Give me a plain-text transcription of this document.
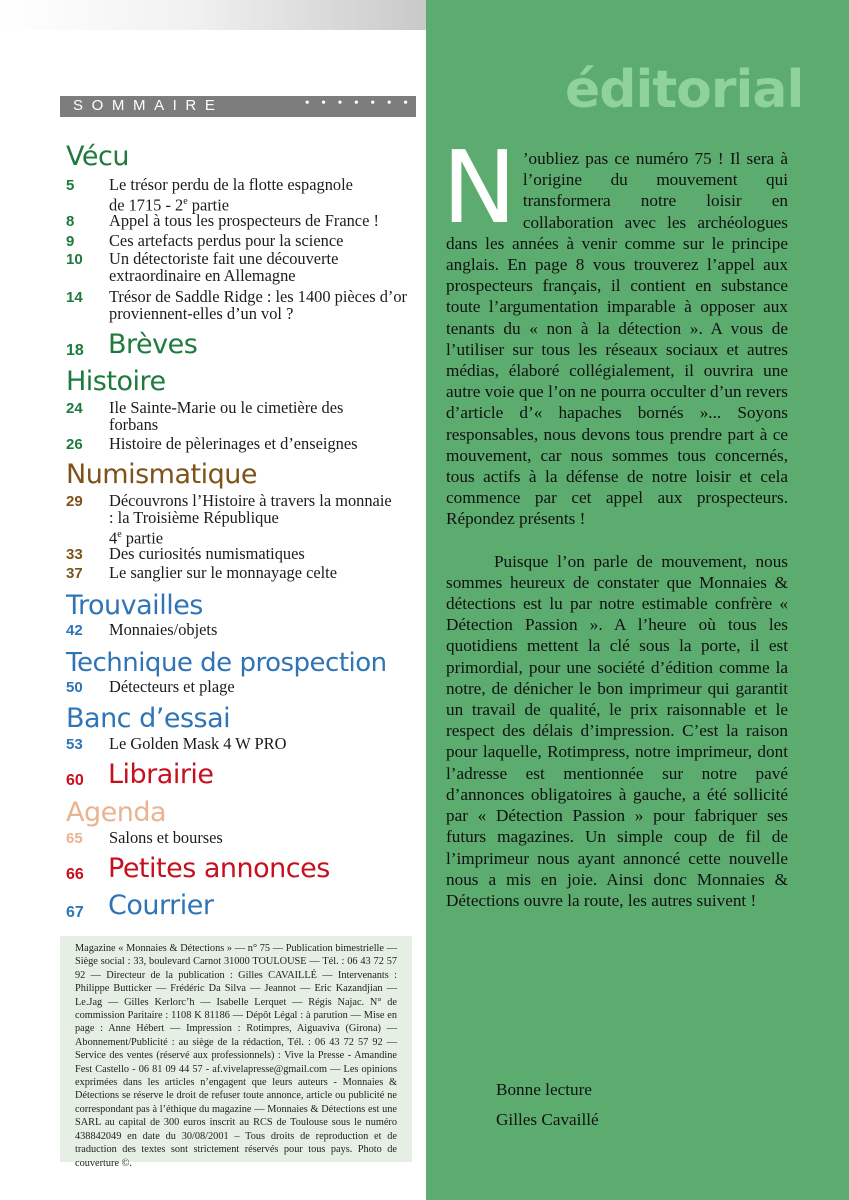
éditorial
SOMMAIRE	• • • • • • •
Vécu
5	Le trésor perdu de la flotte espagnole
de 1715 - 2e partie
8	Appel à tous les prospecteurs de France !
9	Ces artefacts perdus pour la science
10	Un détectoriste fait une découverte extraordinaire en Allemagne
14	Trésor de Saddle Ridge : les 1400 pièces d’or proviennent-elles d’un vol ?
18 Brèves
Histoire
24	Ile Sainte-Marie ou le cimetière des forbans
26	Histoire de pèlerinages et d’enseignes
Numismatique
29	Découvrons l’Histoire à travers la monnaie : la Troisième République
4e partie
33	Des curiosités numismatiques
37	Le sanglier sur le monnayage celte
Trouvailles
42	Monnaies/objets
Technique de prospection
50	Détecteurs et plage
Banc d’essai
53	Le Golden Mask 4 W PRO
60 Librairie
Agenda
65	Salons et bourses
66 Petites annonces
67 Courrier
Magazine « Monnaies & Détections » — n° 75 — Publication bimestrielle — Siège social : 33, boulevard Carnot 31000 TOULOUSE — Tél. : 06 43 72 57 92 — Directeur de la publication : Gilles CAVAILLÉ — Intervenants : Philippe Butticker — Frédéric Da Silva — Jeannot — Eric Kazandjian — Le.Jag — Gilles Kerlorc’h — Isabelle Lerquet — Régis Najac. N° de commission Paritaire : 1108 K 81186 — Dépôt Légal : à parution — Mise en page : Anne Hébert — Impression : Rotimpres, Aiguaviva (Girona) — Abonnement/Publicité : au siège de la rédaction, Tél. : 06 43 72 57 92 — Service des ventes (réservé aux professionnels) : Vive la Presse - Amandine Fest Castello - 06 81 09 44 57 - af.vivelapresse@gmail.com — Les opinions exprimées dans les articles n’engagent que leurs auteurs - Monnaies & Détections se réserve le droit de refuser toute annonce, article ou publicité ne correspondant pas à l’éthique du magazine — Monnaies & Détections est une SARL au capital de 300 euros inscrit au RCS de Toulouse sous le numéro 438842049 en date du 30/08/2001 – Tous droits de reproduction et de traduction des textes sont strictement réservés pour tous pays. Photo de couverture ©.

N ’oubliez pas ce numéro 75 ! Il sera à l’origine du mouvement qui transformera notre loisir en collaboration avec les archéologues dans les années à venir comme sur le principe anglais. En page 8 vous trouverez l’appel aux prospecteurs français, il contient en substance toute l’argumentation imparable à opposer aux tenants du « non à la détection ». A vous de l’utiliser sur tous les réseaux sociaux et autres médias, élaboré collégialement, il ouvrira une autre voie que l’on ne pourra occulter d’un revers d’article d’« hapaches bornés »... Soyons responsables, nous devons tous prendre part à ce mouvement, car nous sommes tous concernés, tous actifs à la défense de notre loisir et cela commence par cet appel aux prospecteurs. Répondez présents !

Puisque l’on parle de mouvement, nous sommes heureux de constater que Monnaies & détections est lu par notre estimable confrère « Détection Passion ». A l’heure où tous les quotidiens mettent la clé sous la porte, il est primordial, pour une société d’édition comme la notre, de dénicher le bon imprimeur qui garantit un travail de qualité, le prix raisonnable et le respect des délais d’impression. C’est la raison pour laquelle, Rotimpress, notre imprimeur, dont l’adresse est mentionnée sur notre pavé d’annonces obligatoires à gauche, a été sollicité par « Détection Passion » pour fabriquer ses futurs magazines. Un simple coup de fil de l’imprimeur nous ayant annoncé cette nouvelle nous a mis en joie. Ainsi donc Monnaies & Détections ouvre la route, les autres suivent !

Bonne lecture
Gilles Cavaillé
